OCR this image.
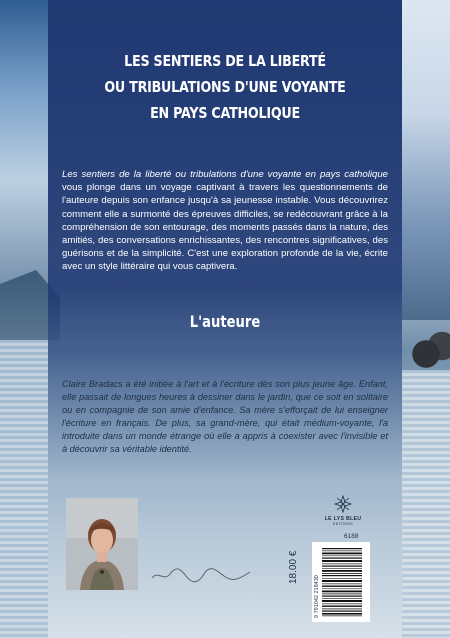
LES SENTIERS DE LA LIBERTÉ
OU TRIBULATIONS D'UNE VOYANTE
EN PAYS CATHOLIQUE
Les sentiers de la liberté ou tribulations d'une voyante en pays catholique vous plonge dans un voyage captivant à travers les questionnements de l'auteure depuis son enfance jusqu'à sa jeunesse instable. Vous découvrirez comment elle a surmonté des épreuves difficiles, se redécouvrant grâce à la compréhension de son entourage, des moments passés dans la nature, des amitiés, des conversations enrichissantes, des rencontres significatives, des guérisons et de la simplicité. C'est une exploration profonde de la vie, écrite avec un style littéraire qui vous captivera.
L'auteure
Claire Bradacs a été initiée à l'art et à l'écriture dès son plus jeune âge. Enfant, elle passait de longues heures à dessiner dans le jardin, que ce soit en solitaire ou en compagnie de son amie d'enfance. Sa mère s'efforçait de lui enseigner l'écriture en français. De plus, sa grand-mère, qui était médium-voyante, l'a introduite dans un monde étrange où elle a appris à coexister avec l'invisible et à découvrir sa véritable identité.
LE LYS BLEU
ÉDITIONS
6188
18.00 €
9 791042 218430
